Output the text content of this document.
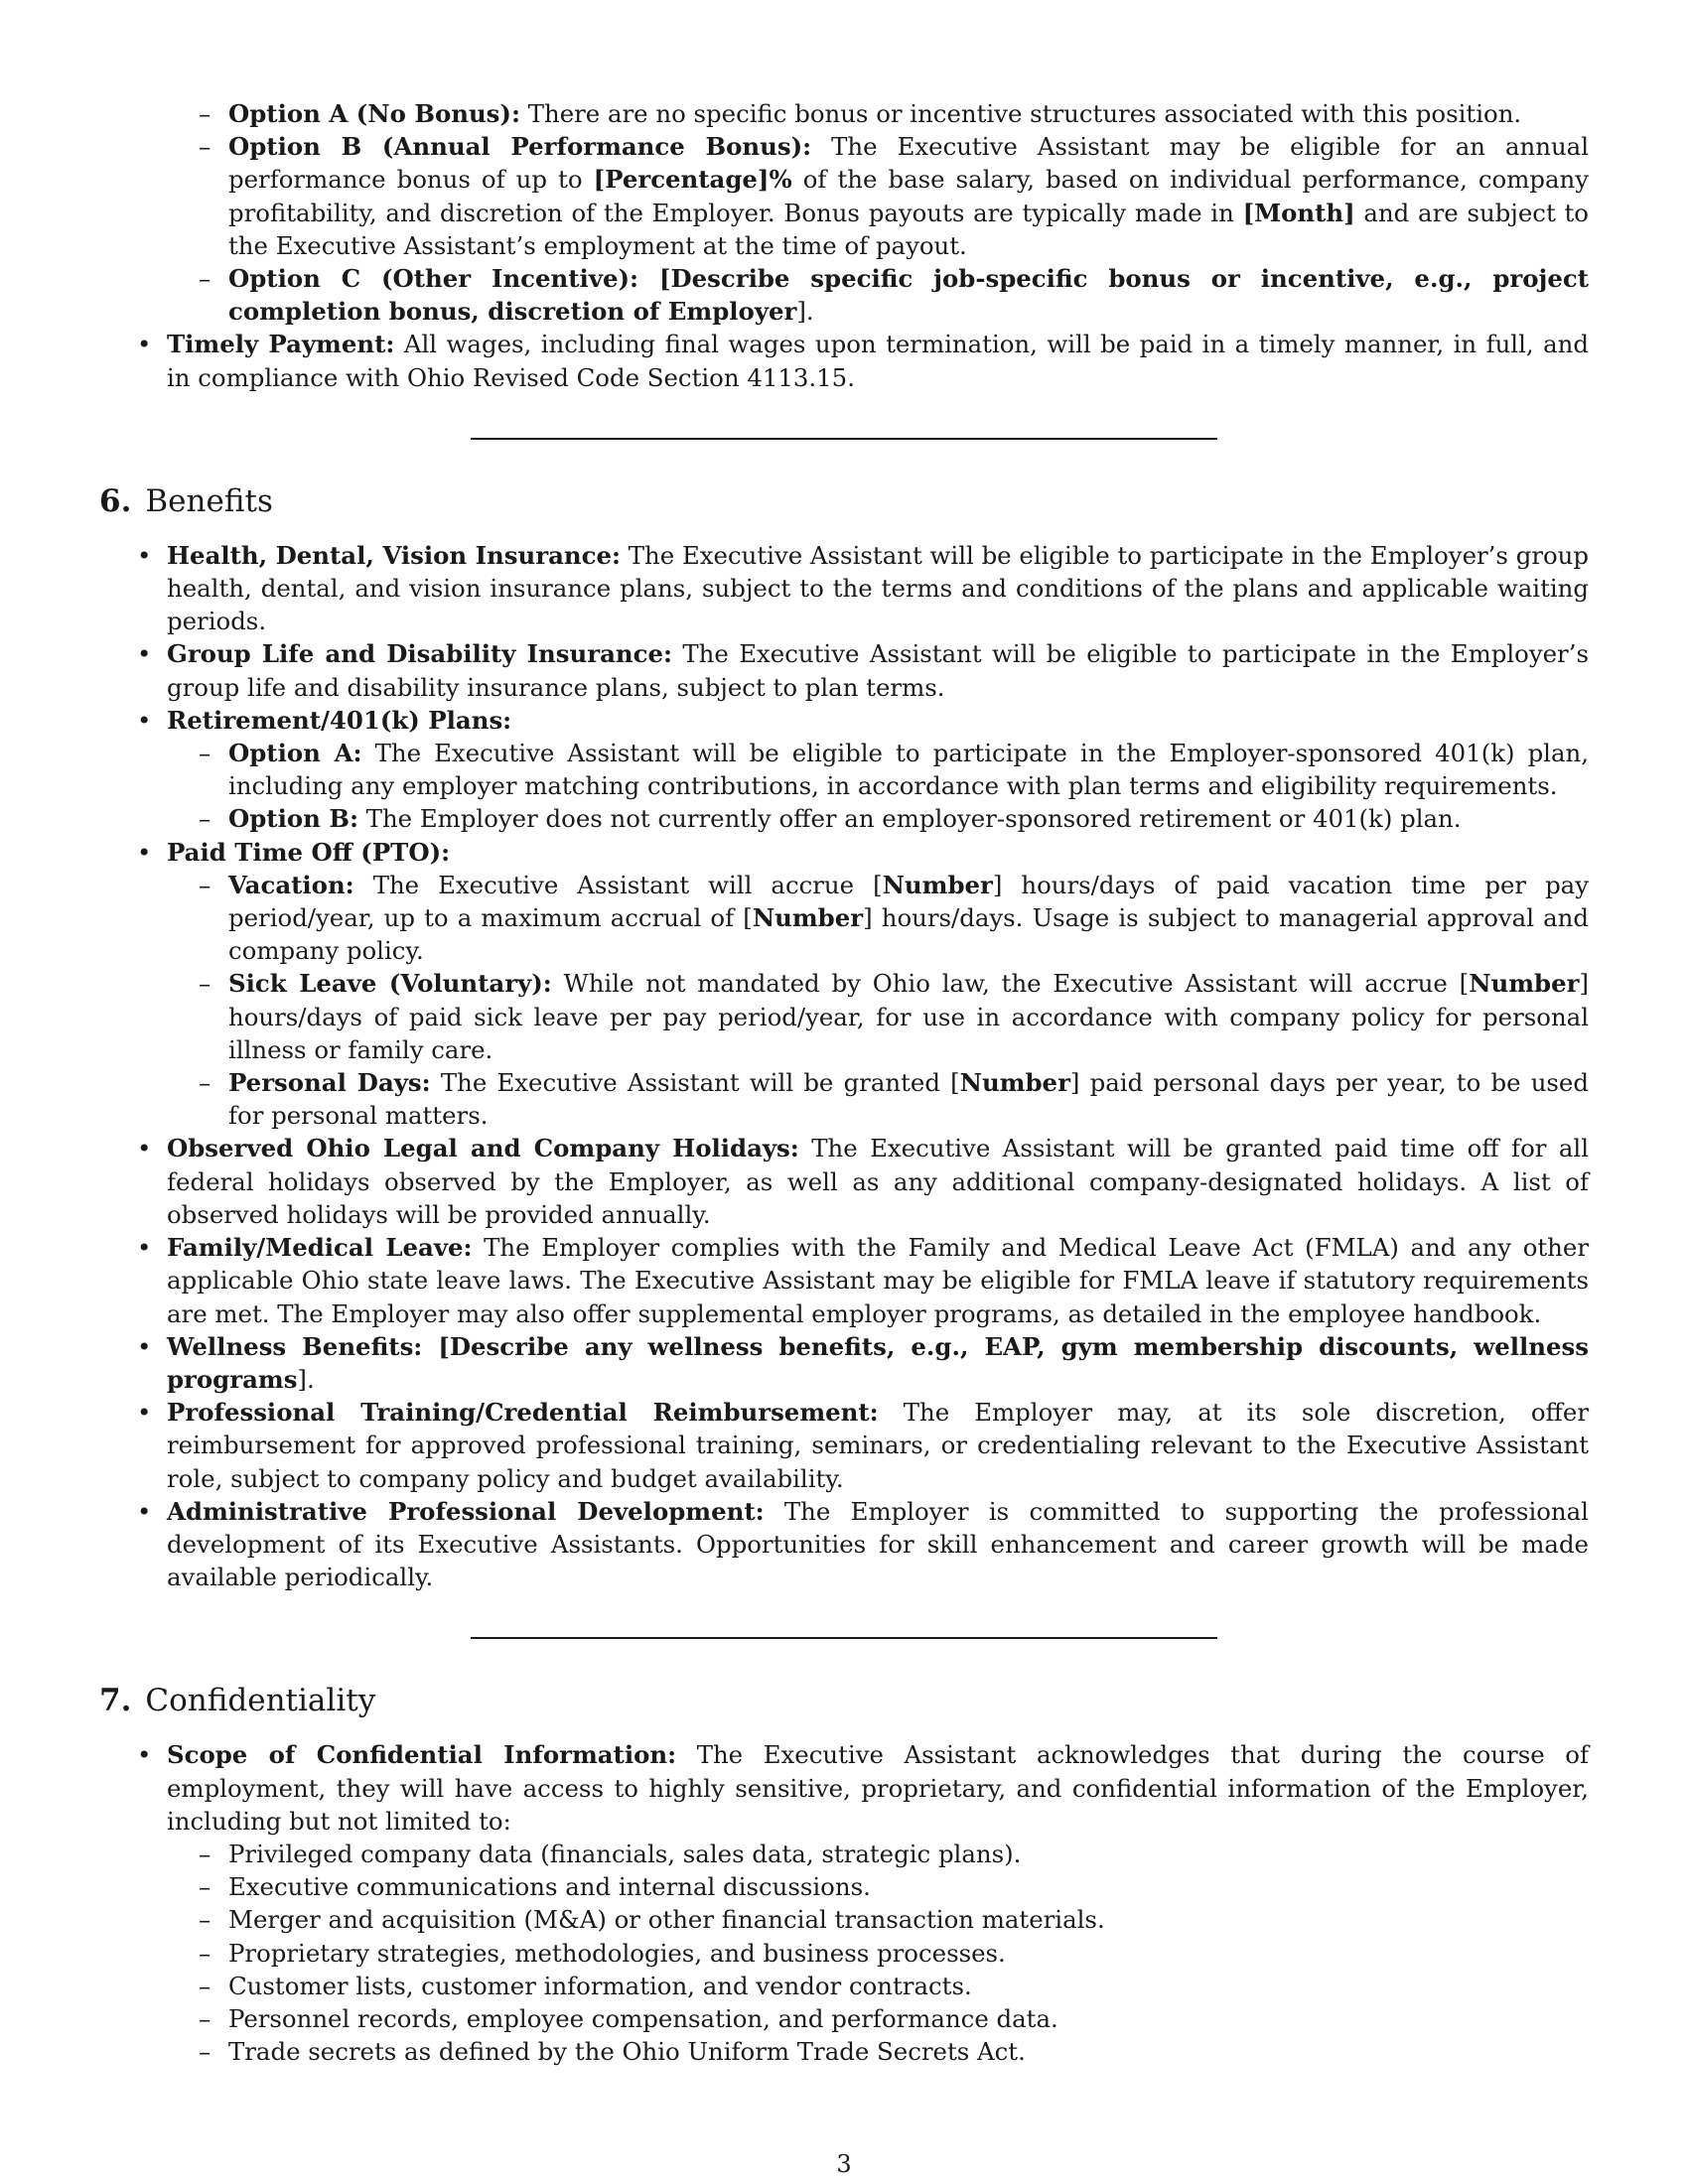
– Option A (No Bonus): There are no specific bonus or incentive structures associated with this position.
– Option B (Annual Performance Bonus): The Executive Assistant may be eligible for an annual performance bonus of up to [Percentage]% of the base salary, based on individual performance, company profitability, and discretion of the Employer. Bonus payouts are typically made in [Month] and are subject to the Executive Assistant’s employment at the time of payout.
– Option C (Other Incentive): [Describe specific job-specific bonus or incentive, e.g., project completion bonus, discretion of Employer].
• Timely Payment: All wages, including final wages upon termination, will be paid in a timely manner, in full, and in compliance with Ohio Revised Code Section 4113.15.
6. Benefits
• Health, Dental, Vision Insurance: The Executive Assistant will be eligible to participate in the Employer’s group health, dental, and vision insurance plans, subject to the terms and conditions of the plans and applicable waiting periods.
• Group Life and Disability Insurance: The Executive Assistant will be eligible to participate in the Employer’s group life and disability insurance plans, subject to plan terms.
• Retirement/401(k) Plans:
– Option A: The Executive Assistant will be eligible to participate in the Employer-sponsored 401(k) plan, including any employer matching contributions, in accordance with plan terms and eligibility requirements.
– Option B: The Employer does not currently offer an employer-sponsored retirement or 401(k) plan.
• Paid Time Off (PTO):
– Vacation: The Executive Assistant will accrue [Number] hours/days of paid vacation time per pay period/year, up to a maximum accrual of [Number] hours/days. Usage is subject to managerial approval and company policy.
– Sick Leave (Voluntary): While not mandated by Ohio law, the Executive Assistant will accrue [Number] hours/days of paid sick leave per pay period/year, for use in accordance with company policy for personal illness or family care.
– Personal Days: The Executive Assistant will be granted [Number] paid personal days per year, to be used for personal matters.
• Observed Ohio Legal and Company Holidays: The Executive Assistant will be granted paid time off for all federal holidays observed by the Employer, as well as any additional company-designated holidays. A list of observed holidays will be provided annually.
• Family/Medical Leave: The Employer complies with the Family and Medical Leave Act (FMLA) and any other applicable Ohio state leave laws. The Executive Assistant may be eligible for FMLA leave if statutory requirements are met. The Employer may also offer supplemental employer programs, as detailed in the employee handbook.
• Wellness Benefits: [Describe any wellness benefits, e.g., EAP, gym membership discounts, wellness programs].
• Professional Training/Credential Reimbursement: The Employer may, at its sole discretion, offer reimbursement for approved professional training, seminars, or credentialing relevant to the Executive Assistant role, subject to company policy and budget availability.
• Administrative Professional Development: The Employer is committed to supporting the professional development of its Executive Assistants. Opportunities for skill enhancement and career growth will be made available periodically.
7. Confidentiality
• Scope of Confidential Information: The Executive Assistant acknowledges that during the course of employment, they will have access to highly sensitive, proprietary, and confidential information of the Employer, including but not limited to:
– Privileged company data (financials, sales data, strategic plans).
– Executive communications and internal discussions.
– Merger and acquisition (M&A) or other financial transaction materials.
– Proprietary strategies, methodologies, and business processes.
– Customer lists, customer information, and vendor contracts.
– Personnel records, employee compensation, and performance data.
– Trade secrets as defined by the Ohio Uniform Trade Secrets Act.
3
